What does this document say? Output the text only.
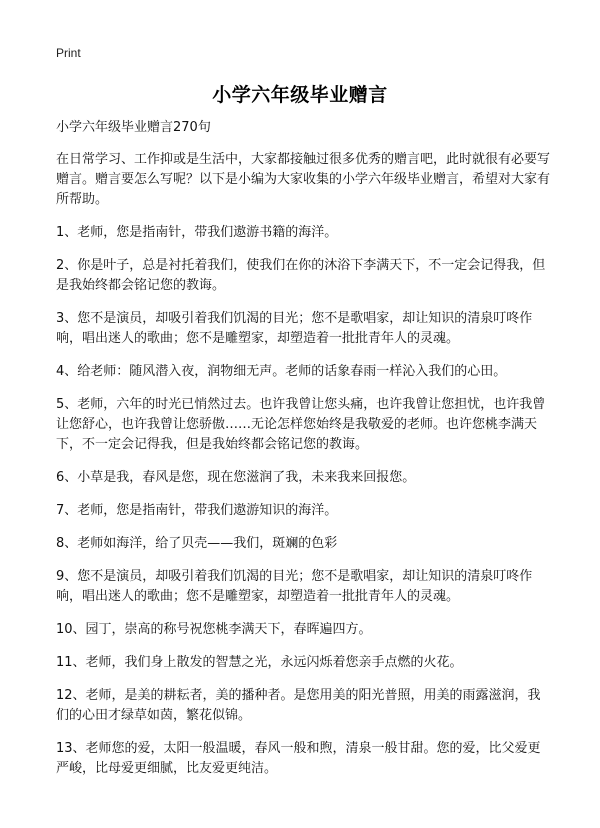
Print
小学六年级毕业赠言

小学六年级毕业赠言270句

在日常学习、工作抑或是生活中，大家都接触过很多优秀的赠言吧，此时就很有必要写赠言。赠言要怎么写呢？以下是小编为大家收集的小学六年级毕业赠言，希望对大家有所帮助。

1、老师，您是指南针，带我们遨游书籍的海洋。

2、你是叶子，总是衬托着我们，使我们在你的沐浴下李满天下，不一定会记得我，但是我始终都会铭记您的教诲。

3、您不是演员，却吸引着我们饥渴的目光；您不是歌唱家，却让知识的清泉叮咚作响，唱出迷人的歌曲；您不是雕塑家，却塑造着一批批青年人的灵魂。

4、给老师：随风潜入夜，润物细无声。老师的话象春雨一样沁入我们的心田。

5、老师，六年的时光已悄然过去。也许我曾让您头痛，也许我曾让您担忧，也许我曾让您舒心，也许我曾让您骄傲……无论怎样您始终是我敬爱的老师。也许您桃李满天下，不一定会记得我，但是我始终都会铭记您的教诲。

6、小草是我，春风是您，现在您滋润了我，未来我来回报您。

7、老师，您是指南针，带我们遨游知识的海洋。

8、老师如海洋，给了贝壳——我们，斑斓的色彩

9、您不是演员，却吸引着我们饥渴的目光；您不是歌唱家，却让知识的清泉叮咚作响，唱出迷人的歌曲；您不是雕塑家，却塑造着一批批青年人的灵魂。

10、园丁，崇高的称号祝您桃李满天下，春晖遍四方。

11、老师，我们身上散发的智慧之光，永远闪烁着您亲手点燃的火花。

12、老师，是美的耕耘者，美的播种者。是您用美的阳光普照，用美的雨露滋润，我们的心田才绿草如茵，繁花似锦。

13、老师您的爱，太阳一般温暖，春风一般和煦，清泉一般甘甜。您的爱，比父爱更严峻，比母爱更细腻，比友爱更纯洁。
